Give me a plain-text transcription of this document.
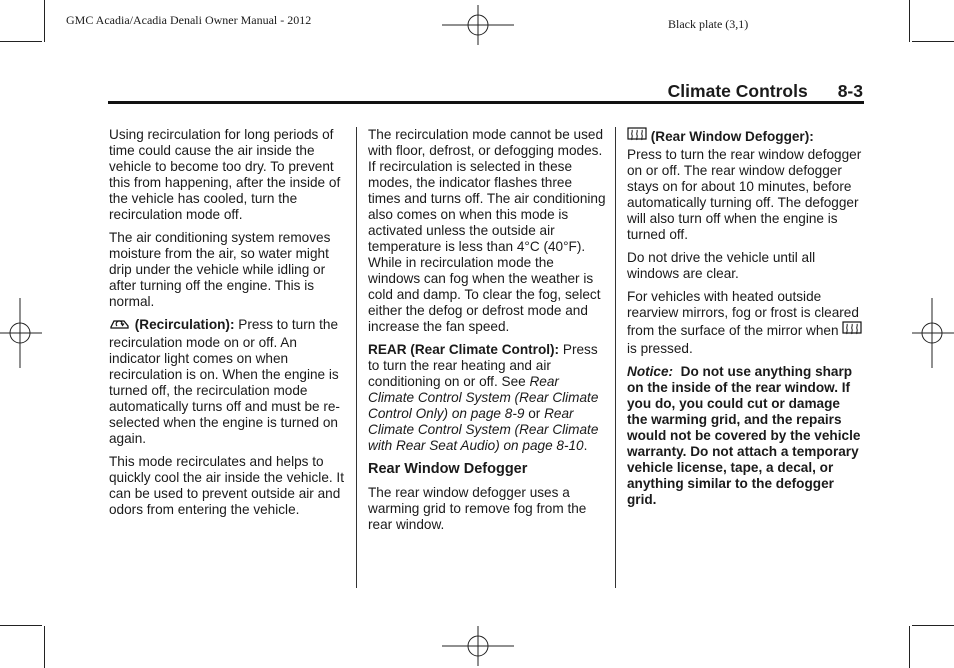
GMC Acadia/Acadia Denali Owner Manual - 2012	Black plate (3,1)
Climate Controls 8-3

Using recirculation for long periods of time could cause the air inside the vehicle to become too dry. To prevent this from happening, after the inside of the vehicle has cooled, turn the recirculation mode off.

The air conditioning system removes moisture from the air, so water might drip under the vehicle while idling or after turning off the engine. This is normal.

(Recirculation): Press to turn the recirculation mode on or off. An indicator light comes on when recirculation is on. When the engine is turned off, the recirculation mode automatically turns off and must be re-selected when the engine is turned on again.

This mode recirculates and helps to quickly cool the air inside the vehicle. It can be used to prevent outside air and odors from entering the vehicle.

The recirculation mode cannot be used with floor, defrost, or defogging modes. If recirculation is selected in these modes, the indicator flashes three times and turns off. The air conditioning also comes on when this mode is activated unless the outside air temperature is less than 4°C (40°F). While in recirculation mode the windows can fog when the weather is cold and damp. To clear the fog, select either the defog or defrost mode and increase the fan speed.

REAR (Rear Climate Control): Press to turn the rear heating and air conditioning on or off. See Rear Climate Control System (Rear Climate Control Only) on page 8-9 or Rear Climate Control System (Rear Climate with Rear Seat Audio) on page 8-10.

Rear Window Defogger

The rear window defogger uses a warming grid to remove fog from the rear window.

(Rear Window Defogger):
Press to turn the rear window defogger on or off. The rear window defogger stays on for about 10 minutes, before automatically turning off. The defogger will also turn off when the engine is turned off.

Do not drive the vehicle until all windows are clear.

For vehicles with heated outside rearview mirrors, fog or frost is cleared from the surface of the mirror when  is pressed.

Notice: Do not use anything sharp on the inside of the rear window. If you do, you could cut or damage the warming grid, and the repairs would not be covered by the vehicle warranty. Do not attach a temporary vehicle license, tape, a decal, or anything similar to the defogger grid.
